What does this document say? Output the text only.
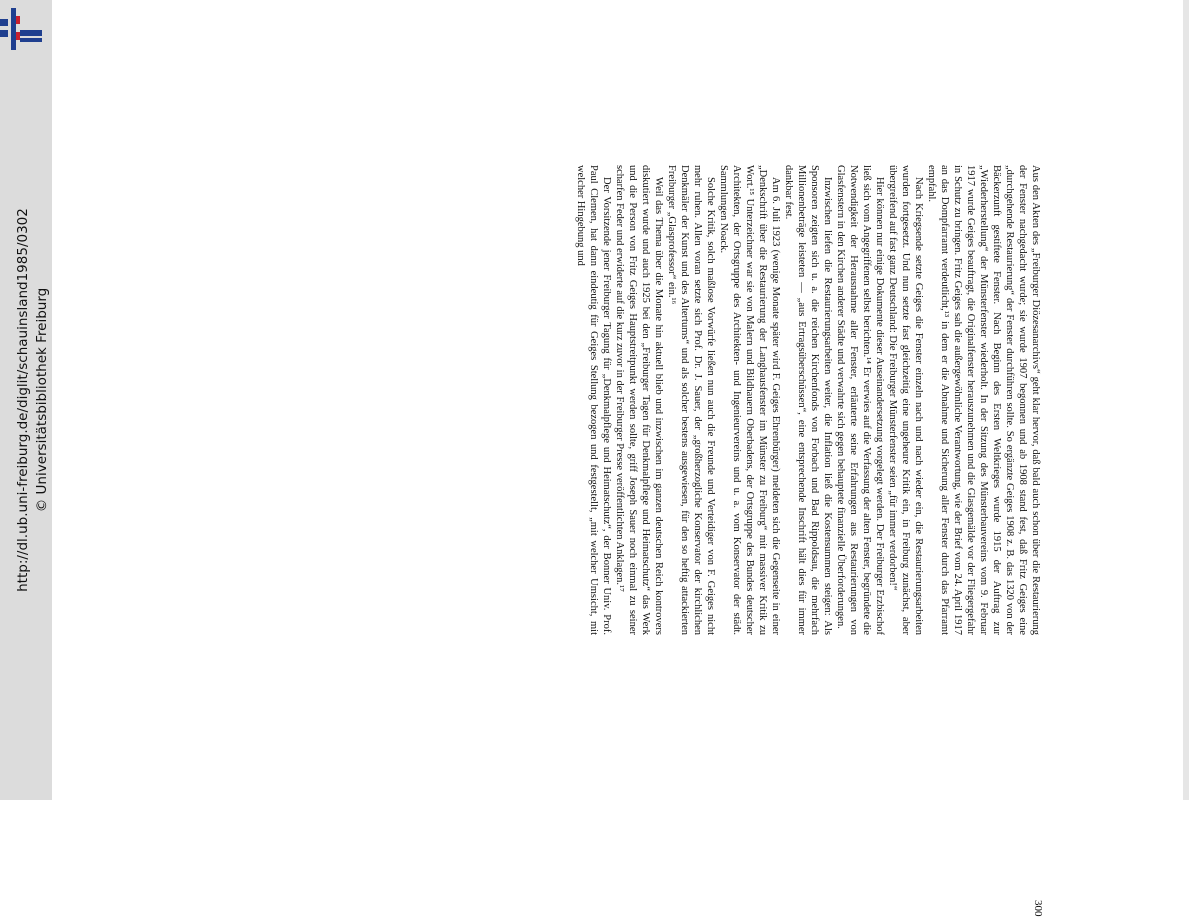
http://dl.ub.uni-freiburg.de/diglit/schauinsland1985/0302 © Universitätsbibliothek Freiburg	Aus den Akten des „Freiburger Diözesanarchivs“ geht klar hervor, daß bald auch schon über die Restaurierung der Fenster nachgedacht wurde; sie wurde 1907 begonnen und ab 1908 stand fest, daß Fritz Geiges eine „durchgehende Restaurierung“ der Fenster durchführen sollte. So ergänzte Geiges 1908 z. B. das 1320 von der Bäckerzunft gestiftete Fenster. Nach Beginn des Ersten Weltkrieges wurde 1915 der Auftrag zur „Wiederherstellung“ der Münsterfenster wiederholt. In der Sitzung des Münsterbauvereins vom 9. Februar 1917 wurde Geiges beauftragt, die Originalfenster herauszunehmen und die Glasgemälde vor der Fliegergefahr in Schutz zu bringen. Fritz Geiges sah die außergewöhnliche Verantwortung, wie der Brief vom 24. April 1917 an das Dompfarramt verdeutlicht,¹³ in dem er die Abnahme und Sicherung aller Fenster durch das Pfarramt empfahl.

Nach Kriegsende setzte Geiges die Fenster einzeln nach und nach wieder ein, die Restaurierungsarbeiten wurden fortgesetzt. Und nun setzte fast gleichzeitig eine ungeheure Kritik ein, in Freiburg zunächst, aber übergreifend auf fast ganz Deutschland: Die Freiburger Münsterfenster seien „für immer verdorben!“

Hier können nur einige Dokumente dieser Auseinandersetzung vorgelegt werden. Der Freiburger Erzbischof ließ sich vom Angegriffenen selbst berichten.¹⁴ Er verwies auf die Verfassung der alten Fenster, begründete die Notwendigkeit der Herausnahme aller Fenster, erläuterte seine Erfahrungen aus Restaurierungen von Glasfenstern in den Kirchen anderer Städte und verwahrte sich gegen behauptete finanzielle Überforderungen.

Inzwischen liefen die Restaurierungsarbeiten weiter, die Inflation ließ die Kostensummen steigen: Als Sponsoren zeigten sich u. a. die reichen Kirchenfonds von Forbach und Bad Rippoldsau, die mehrfach Millionenbeträge leisteten — „aus Ertragsüberschüssen“, eine entsprechende Inschrift hält dies für immer dankbar fest.

Am 6. Juli 1923 (wenige Monate später wird F. Geiges Ehrenbürger) meldeten sich die Gegenseite in einer „Denkschrift über die Restaurierung der Langhausfenster im Münster zu Freiburg“ mit massiver Kritik zu Wort.¹⁵ Unterzeichner war sie von Malern und Bildhauern Oberbadens, der Ortsgruppe des Bundes deutscher Architekten, der Ortsgruppe des Architekten- und Ingenieurvereins und u. a. vom Konservator der städt. Sammlungen Noack.

Solche Kritik, solch maßlose Vorwürfe ließen nun auch die Freunde und Verteidiger von F. Geiges nicht mehr ruhen. Allen voran setzte sich Prof. Dr. J. Sauer, der „großherzogliche Konservator der kirchlichen Denkmäler der Kunst und des Altertums“ und als solcher bestens ausgewiesen, für den so heftig attackierten Freiburger „Glasprofessor“ ein.¹⁶

Weil das Thema über die Monate hin aktuell blieb und inzwischen im ganzen deutschen Reich kontrovers diskutiert wurde und auch 1925 bei den „Freiburger Tagen für Denkmalpflege und Heimatschutz“ das Werk und die Person von Fritz Geiges Hauptstreitpunkt werden sollte, griff Joseph Sauer noch einmal zu seiner scharfen Feder und erwiderte auf die kurz zuvor in der Freiburger Presse veröffentlichten Anklagen.¹⁷

Der Vorsitzende jener Freiburger Tagung für „Denkmalpflege und Heimatschutz“, der Bonner Univ. Prof. Paul Clemen, hat dann eindeutig für Geiges Stellung bezogen und festgestellt, „mit welcher Umsicht, mit welcher Hingebung und

300
